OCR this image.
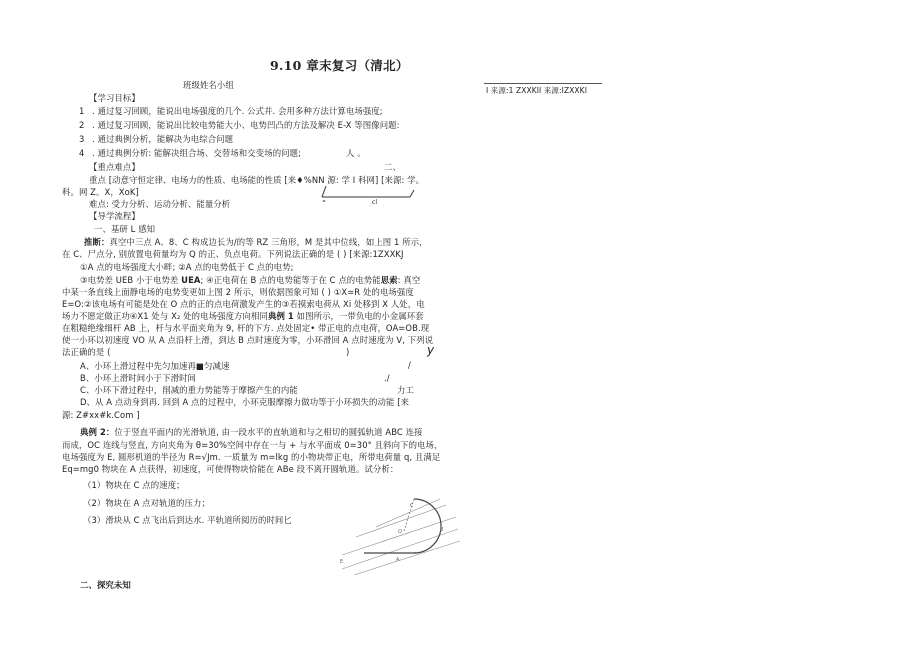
9.10 章末复习（清北）
班级姓名小组
I 来源:1 ZXXKII 来源:IZXXKI
【学习目标】
1 . 通过复习回顾，能说出电场强度的几个. 公式并. 会用多种方法计算电场强度;
2 . 通过复习回顾，能说出比较电势能大小、电势凹凸的方法及解决 E-X 等图像问题:
3 . 通过典例分析，能解决为电综合问题
4 . 通过典例分析: 能解决组合场、交替场和交变场的问题;	人 。
【重点难点】	二、
重点 [动意守恒定律、电场力的性质、电场能的性质 [来♦%NN 源: 学 I 科网] [来源: 学。
科。网 Z。X，XoK]
难点: 受力分析、运动分析、能量分析	“	cl
【导学流程】
一、基研 L 感知
推断：真空中三点 A、8、C 构成边长为/的等 RZ 三角形，M 是其中位线，如上图 1 所示，
在 C、尸点分, 别放置电荷量均为 Q 的正、负点电荷。下列说法正确的是 ( ) [来源:1ZXXKJ
①A 点的电场强度大小畔; ②A 点的电势低于 C 点的电势;
③电势差 UEB 小于电势差 UEA; ④正电荷在 B 点的电势能等于在 C 点的电势能思索: 真空
中某一条直线上面静电场的电势变更如上图 2 所示，则依据图象可知 ( ) ①X=R 处的电场强度
E=O:②该电场有可能是处在 O 点的正的点电荷激发产生的③若摸索电荷从 Xi 处移到 X 人处，电
场力不愿定做正功④X1 处与 X₂ 处的电场强度方向相同典例 1 如图所示，一带负电的小金属环套
在粗糙绝缘细杆 AB 上，杆与水平面夹角为 9, 杆的下方. 点处固定• 带正电的点电荷，OA=OB.现
使一小环以初速度 VO 从 A 点沿杆上滑，到达 B 点时速度为零，小环滑回 A 点时速度为 V, 下列说
法正确的是 (	)	y
A、小环上滑过程中先匀加速再■匀减速	/
B、小环上滑时间小于下滑时间	./
C、小环下滑过程中，削减的重力势能等于摩擦产生的内能	力工
D、从 A 点动身到再. 回到 A 点的过程中，小环克服摩擦力做功等于小环损失的动能 [来
源: Z#xx#k.Com ]
典例 2：位于竖直平面内的光滑轨道, 由一段水平的直轨道和与之相切的圆弧轨道 ABC 连接
而成，OC 连线与竖直, 方向夹角为 θ=30%空间中存在一与 + 与水平面成 0=30° 且斜向下的电场，
电场强度为 E, 圆形机道的半径为 R=√Jm. 一质量为 m=lkg 的小物块带正电，所带电荷量 q, 且满足
Eq=mg0 物块在 A 点获得，初速度，可使得物块恰能在 ABe 段不离开圆轨道。试分析：
（1）物块在 C 点的速度；
（2）物块在 A 点对轨道的压力；
（3）滑块从 C 点飞出后到达水. 平轨道所阅历的时间匕
C
O
A
B
E
二、探究未知
